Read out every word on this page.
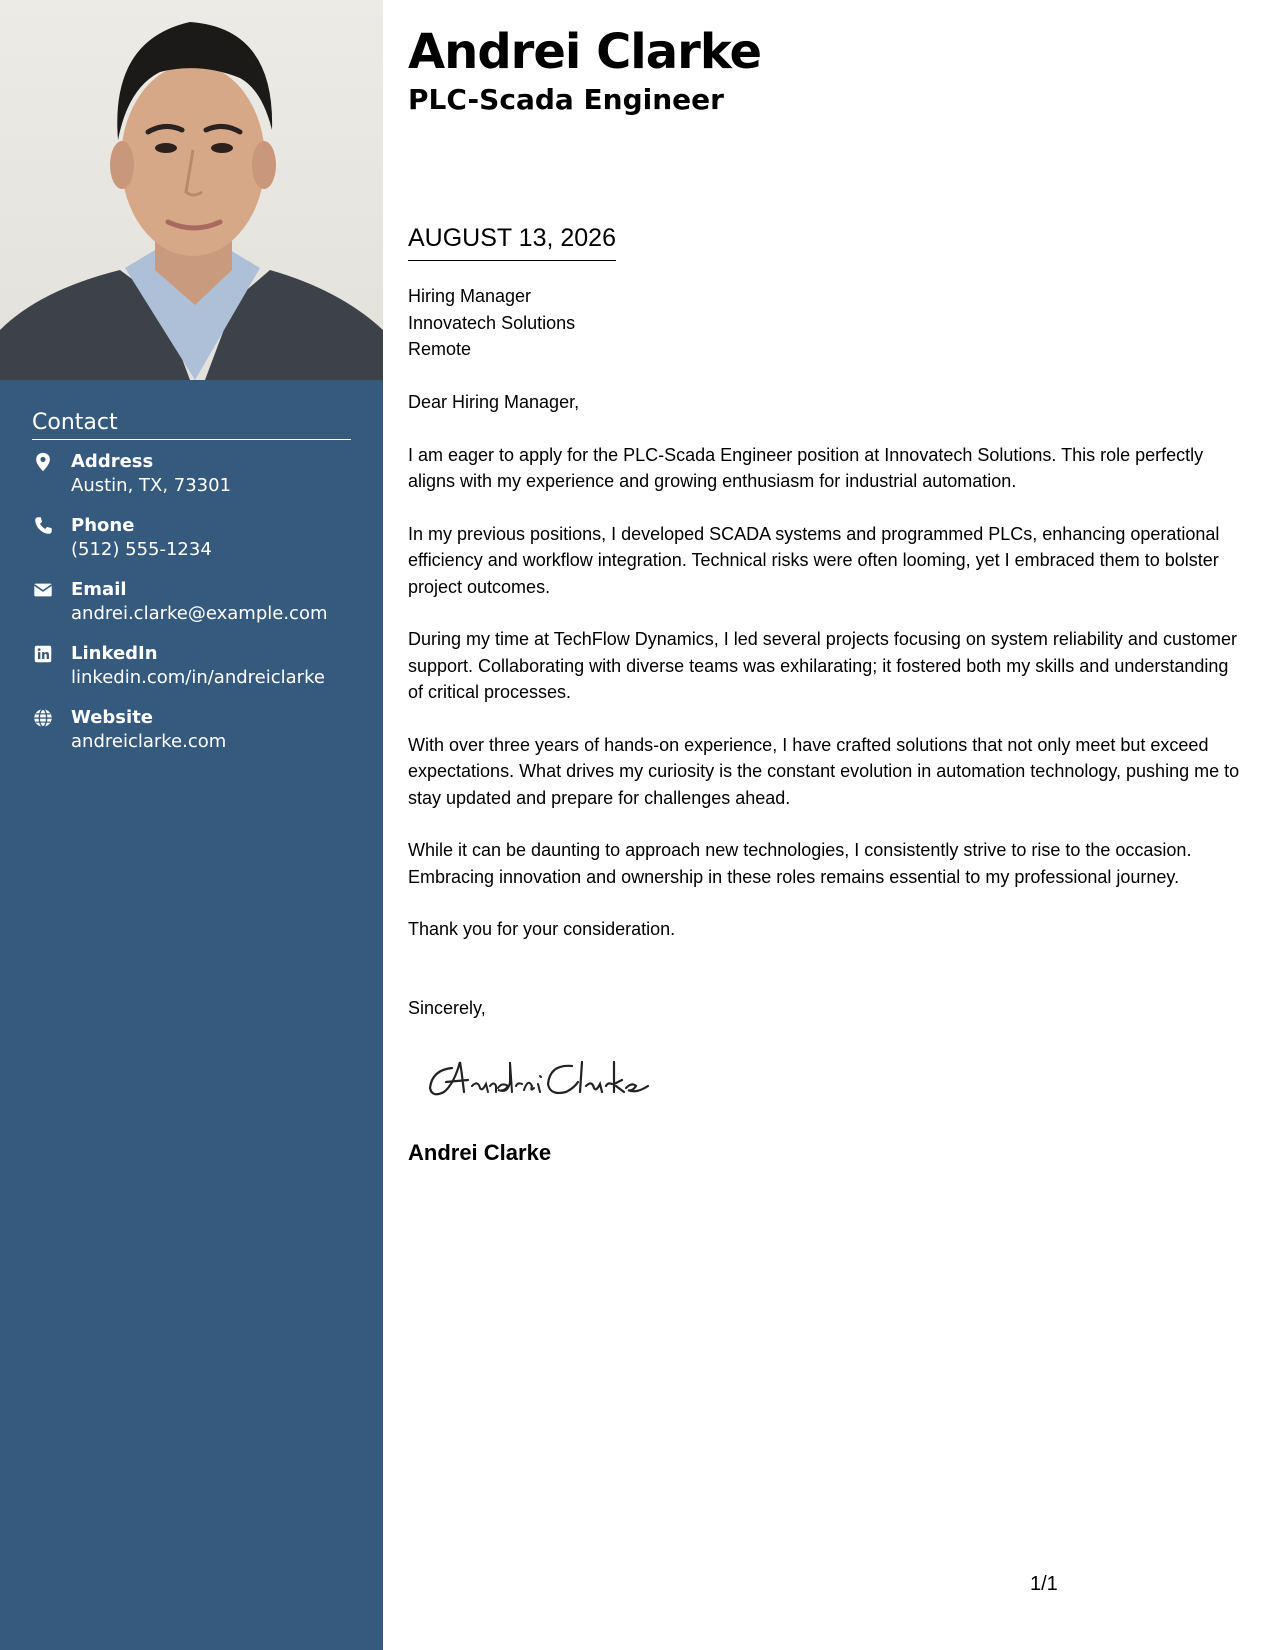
Contact
Address
Austin, TX, 73301
Phone
(512) 555-1234
Email
andrei.clarke@example.com
LinkedIn
linkedin.com/in/andreiclarke
Website
andreiclarke.com
Andrei Clarke
PLC-Scada Engineer
AUGUST 13, 2026
Hiring Manager
Innovatech Solutions
Remote

Dear Hiring Manager,

I am eager to apply for the PLC-Scada Engineer position at Innovatech Solutions. This role perfectly aligns with my experience and growing enthusiasm for industrial automation.

In my previous positions, I developed SCADA systems and programmed PLCs, enhancing operational efficiency and workflow integration. Technical risks were often looming, yet I embraced them to bolster project outcomes.

During my time at TechFlow Dynamics, I led several projects focusing on system reliability and customer support. Collaborating with diverse teams was exhilarating; it fostered both my skills and understanding of critical processes.

With over three years of hands-on experience, I have crafted solutions that not only meet but exceed expectations. What drives my curiosity is the constant evolution in automation technology, pushing me to stay updated and prepare for challenges ahead.

While it can be daunting to approach new technologies, I consistently strive to rise to the occasion. Embracing innovation and ownership in these roles remains essential to my professional journey.

Thank you for your consideration.

Sincerely,
Andrei Clarke
1/1
